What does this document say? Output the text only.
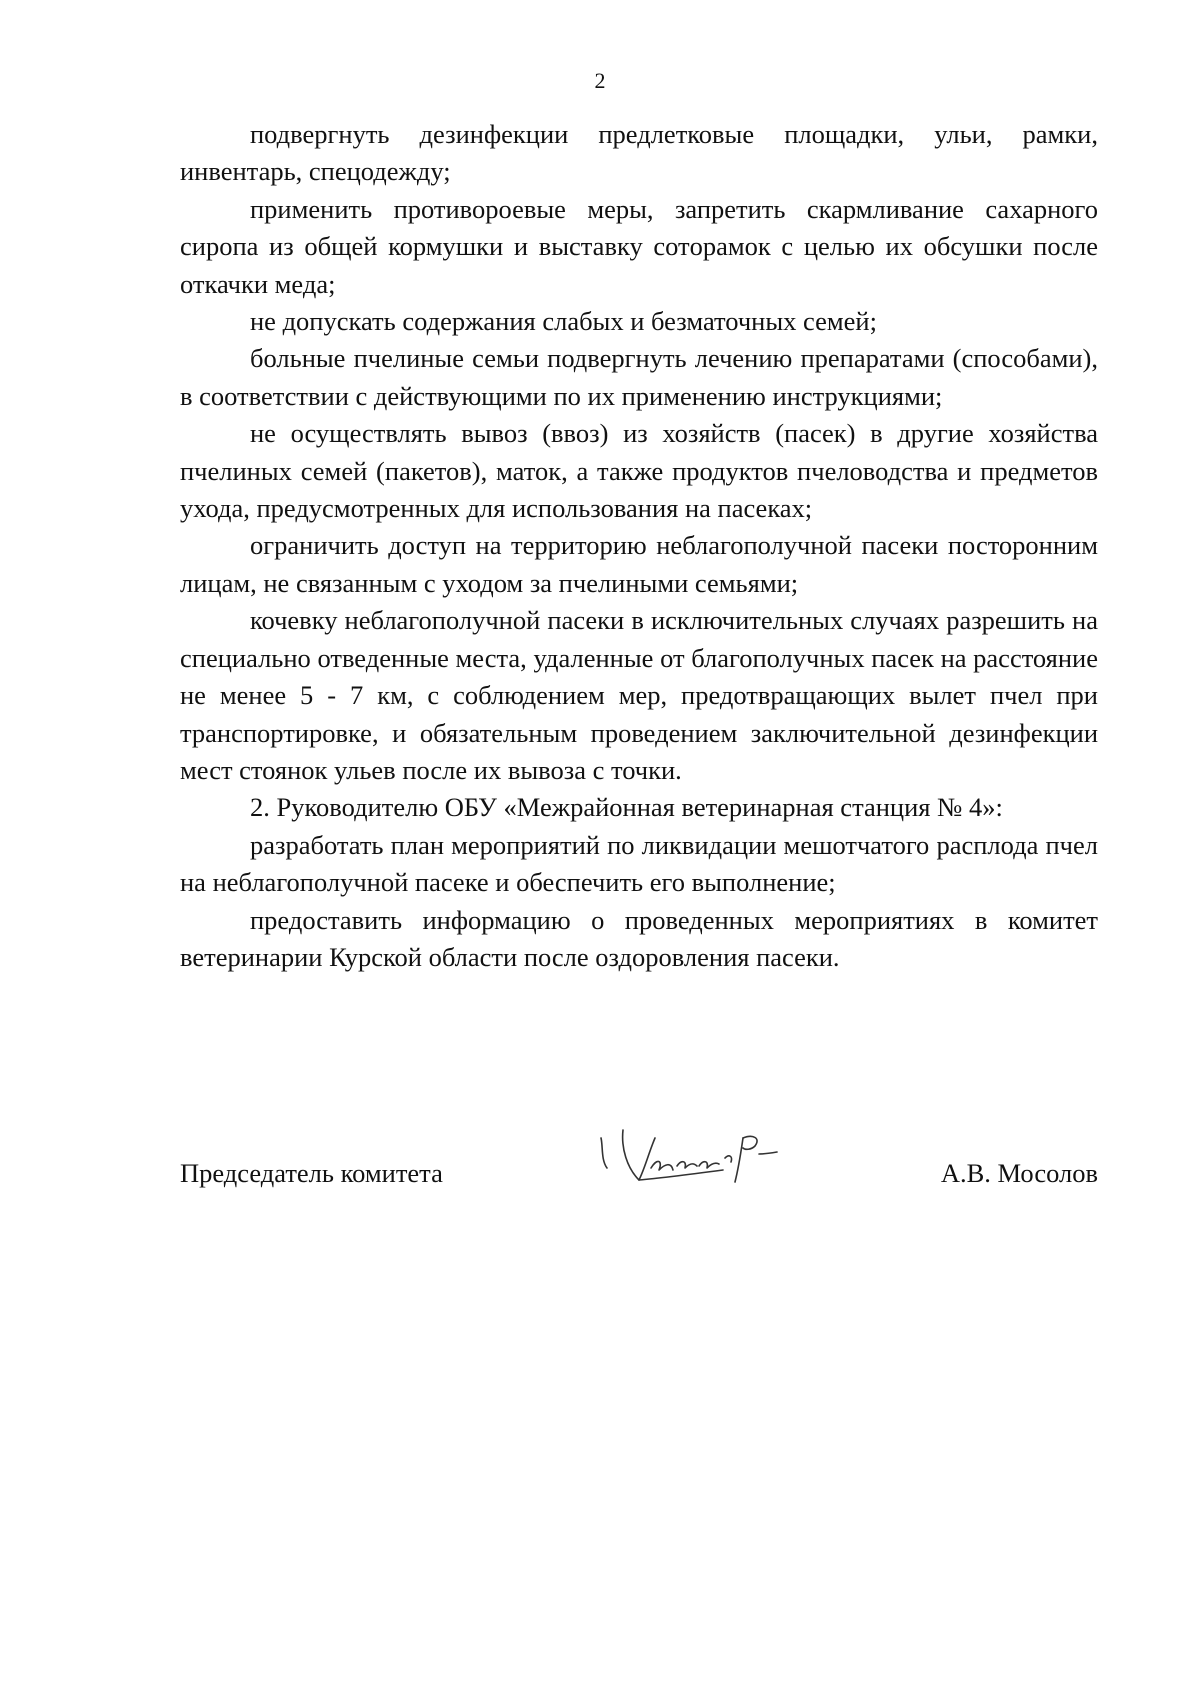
2

подвергнуть дезинфекции предлетковые площадки, ульи, рамки, инвентарь, спецодежду;

применить противороевые меры, запретить скармливание сахарного сиропа из общей кормушки и выставку сотoрамок с целью их обсушки после откачки меда;

не допускать содержания слабых и безматочных семей;

больные пчелиные семьи подвергнуть лечению препаратами (способами), в соответствии с действующими по их применению инструкциями;

не осуществлять вывоз (ввоз) из хозяйств (пасек) в другие хозяйства пчелиных семей (пакетов), маток, а также продуктов пчеловодства и предметов ухода, предусмотренных для использования на пасеках;

ограничить доступ на территорию неблагополучной пасеки посторонним лицам, не связанным с уходом за пчелиными семьями;

кочевку неблагополучной пасеки в исключительных случаях разрешить на специально отведенные места, удаленные от благополучных пасек на расстояние не менее 5 - 7 км, с соблюдением мер, предотвращающих вылет пчел при транспортировке, и обязательным проведением заключительной дезинфекции мест стоянок ульев после их вывоза с точки.

2. Руководителю ОБУ «Межрайонная ветеринарная станция № 4»:

разработать план мероприятий по ликвидации мешотчатого расплода пчел на неблагополучной пасеке и обеспечить его выполнение;

предоставить информацию о проведенных мероприятиях в комитет ветеринарии Курской области после оздоровления пасеки.

Председатель комитета	А.В. Мосолов
